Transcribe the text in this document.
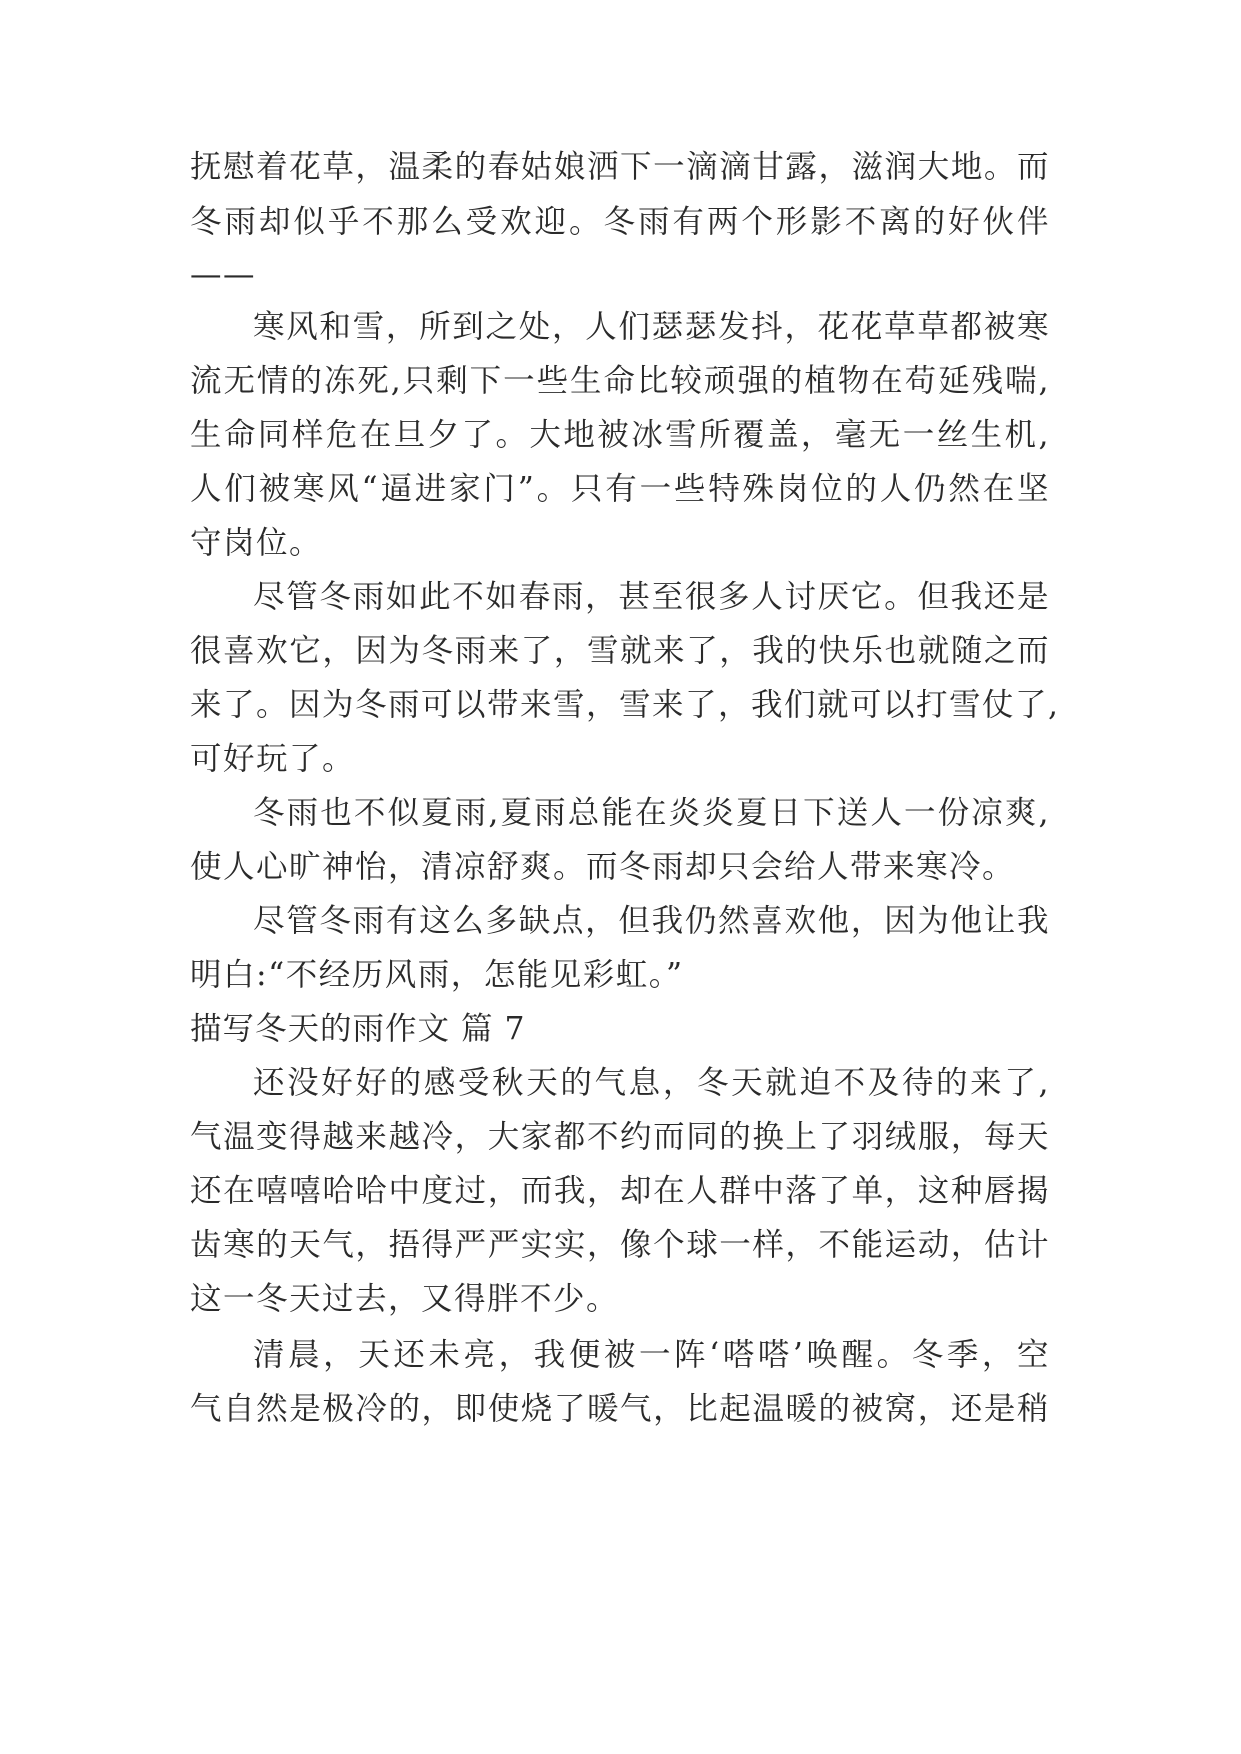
抚慰着花草，温柔的春姑娘洒下一滴滴甘露，滋润大地。而

冬雨却似乎不那么受欢迎。冬雨有两个形影不离的好伙伴

——

寒风和雪，所到之处，人们瑟瑟发抖，花花草草都被寒

流无情的冻死,只剩下一些生命比较顽强的植物在苟延残喘,

生命同样危在旦夕了。大地被冰雪所覆盖，毫无一丝生机,

人们被寒风“逼进家门”。只有一些特殊岗位的人仍然在坚

守岗位。

尽管冬雨如此不如春雨，甚至很多人讨厌它。但我还是

很喜欢它，因为冬雨来了，雪就来了，我的快乐也就随之而

来了。因为冬雨可以带来雪，雪来了，我们就可以打雪仗了,

可好玩了。

冬雨也不似夏雨,夏雨总能在炎炎夏日下送人一份凉爽,

使人心旷神怡，清凉舒爽。而冬雨却只会给人带来寒冷。

尽管冬雨有这么多缺点，但我仍然喜欢他，因为他让我

明白:“不经历风雨，怎能见彩虹。”

描写冬天的雨作文 篇 7

还没好好的感受秋天的气息，冬天就迫不及待的来了,

气温变得越来越冷，大家都不约而同的换上了羽绒服，每天

还在嘻嘻哈哈中度过，而我，却在人群中落了单，这种唇揭

齿寒的天气，捂得严严实实，像个球一样，不能运动，估计

这一冬天过去，又得胖不少。

清晨，天还未亮，我便被一阵‘嗒嗒’唤醒。冬季，空

气自然是极冷的，即使烧了暖气，比起温暖的被窝，还是稍
